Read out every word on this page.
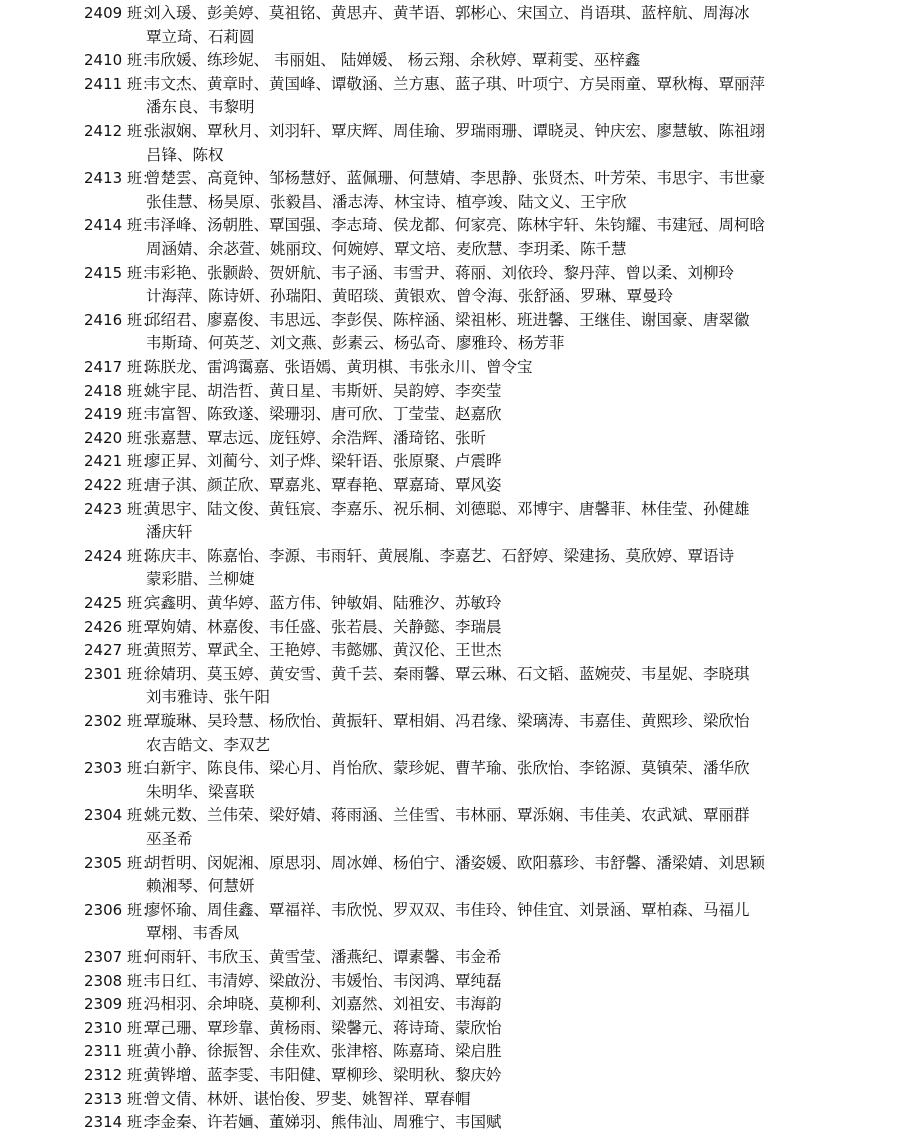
2409 班：刘入瑗、彭美婷、莫祖铭、黄思卉、黄芊语、郭彬心、宋国立、肖语琪、蓝梓航、周海冰
覃立琦、石莉圆
2410 班：韦欣媛、练珍妮、 韦丽姐、 陆婵媛、 杨云翔、余秋婷、覃莉雯、巫梓鑫
2411 班：韦文杰、黄章时、黄国峰、谭敬涵、兰方惠、蓝子琪、叶项宁、方吴雨童、覃秋梅、覃丽萍
潘东良、韦黎明
2412 班：张淑娴、覃秋月、刘羽轩、覃庆辉、周佳瑜、罗瑞雨珊、谭晓灵、钟庆宏、廖慧敏、陈祖翊
吕锋、陈权
2413 班：曾楚雲、高竟钟、邹杨慧妤、蓝佩珊、何慧婧、李思静、张贤杰、叶芳荣、韦思宇、韦世豪
张佳慧、杨昊原、张毅昌、潘志涛、林宝诗、植亭竣、陆文义、王宇欣
2414 班：韦泽峰、汤朝胜、覃国强、李志琦、侯龙都、何家亮、陈林宇轩、朱钧耀、韦建冠、周柯晗
周涵婧、余苾萱、姚丽玟、何婉婷、覃文培、麦欣慧、李玥柔、陈千慧
2415 班：韦彩艳、张颢龄、贺妍航、韦子涵、韦雪尹、蒋丽、刘依玲、黎丹萍、曾以柔、刘柳玲
计海萍、陈诗妍、孙瑞阳、黄昭琰、黄银欢、曾令海、张舒涵、罗琳、覃曼玲
2416 班：邱绍君、廖嘉俊、韦思远、李彭俣、陈梓涵、梁祖彬、班进馨、王继佳、谢国豪、唐翠徽
韦斯琦、何英芝、刘文燕、彭素云、杨弘奇、廖雅玲、杨芳菲
2417 班：陈朕龙、雷鸿霭嘉、张语嫣、黄玥棋、韦张永川、曾令宝
2418 班：姚宇昆、胡浩哲、黄日星、韦斯妍、吴韵婷、李奕莹
2419 班：韦富智、陈致遂、梁珊羽、唐可欣、丁莹莹、赵嘉欣
2420 班：张嘉慧、覃志远、庞钰婷、余浩辉、潘琦铭、张昕
2421 班：廖正昇、刘蔺兮、刘子烨、梁轩语、张原聚、卢震晔
2422 班：唐子淇、颜芷欣、覃嘉兆、覃春艳、覃嘉琦、覃风姿
2423 班：黄思宇、陆文俊、黄钰宸、李嘉乐、祝乐桐、刘德聪、邓博宇、唐馨菲、林佳莹、孙健雄
潘庆轩
2424 班：陈庆丰、陈嘉怡、李源、韦雨轩、黄展胤、李嘉艺、石舒婷、梁建扬、莫欣婷、覃语诗
蒙彩腊、兰柳婕
2425 班：宾鑫明、黄华婷、蓝方伟、钟敏娟、陆雅汐、苏敏玲
2426 班：覃姁婧、林嘉俊、韦任盛、张若晨、关静懿、李瑞晨
2427 班：黄照芳、覃武全、王艳婷、韦懿娜、黄汉伦、王世杰
2301 班：徐婧玥、莫玉婷、黄安雪、黄千芸、秦雨馨、覃云琳、石文韬、蓝婉荧、韦星妮、李晓琪
刘韦雅诗、张午阳
2302 班：覃璇琳、吴玲慧、杨欣怡、黄振轩、覃相娟、冯君缘、梁璃涛、韦嘉佳、黄熙珍、梁欣怡
农吉皓文、李双艺
2303 班：白新宇、陈良伟、梁心月、肖怡欣、蒙珍妮、曹芊瑜、张欣怡、李铭源、莫镇荣、潘华欣
朱明华、梁喜联
2304 班：姚元数、兰伟荣、梁妤婧、蒋雨涵、兰佳雪、韦林丽、覃泺娴、韦佳美、农武斌、覃丽群
巫圣希
2305 班：胡哲明、闵妮湘、原思羽、周冰婵、杨伯宁、潘姿媛、欧阳慕珍、韦舒馨、潘梁婧、刘思颖
赖湘琴、何慧妍
2306 班：廖怀瑜、周佳鑫、覃福祥、韦欣悦、罗双双、韦佳玲、钟佳宜、刘景涵、覃柏森、马福儿
覃栩、韦香凤
2307 班：何雨轩、韦欣玉、黄雪莹、潘燕纪、谭素馨、韦金希
2308 班：韦日红、韦清婷、梁啟汾、韦媛怡、韦闵鸿、覃纯磊
2309 班：冯相羽、余坤晓、莫柳利、刘嘉然、刘祖安、韦海韵
2310 班：覃己珊、覃珍靠、黄杨雨、梁馨元、蒋诗琦、蒙欣怡
2311 班：黄小静、徐振智、余佳欢、张津榕、陈嘉琦、梁启胜
2312 班：黄铧增、蓝李雯、韦阳健、覃柳珍、梁明秋、黎庆妗
2313 班：曾文倩、林妍、谌怡俊、罗斐、姚智祥、覃春帽
2314 班：李金秦、许若婳、董娣羽、熊伟汕、周雅宁、韦国赋
